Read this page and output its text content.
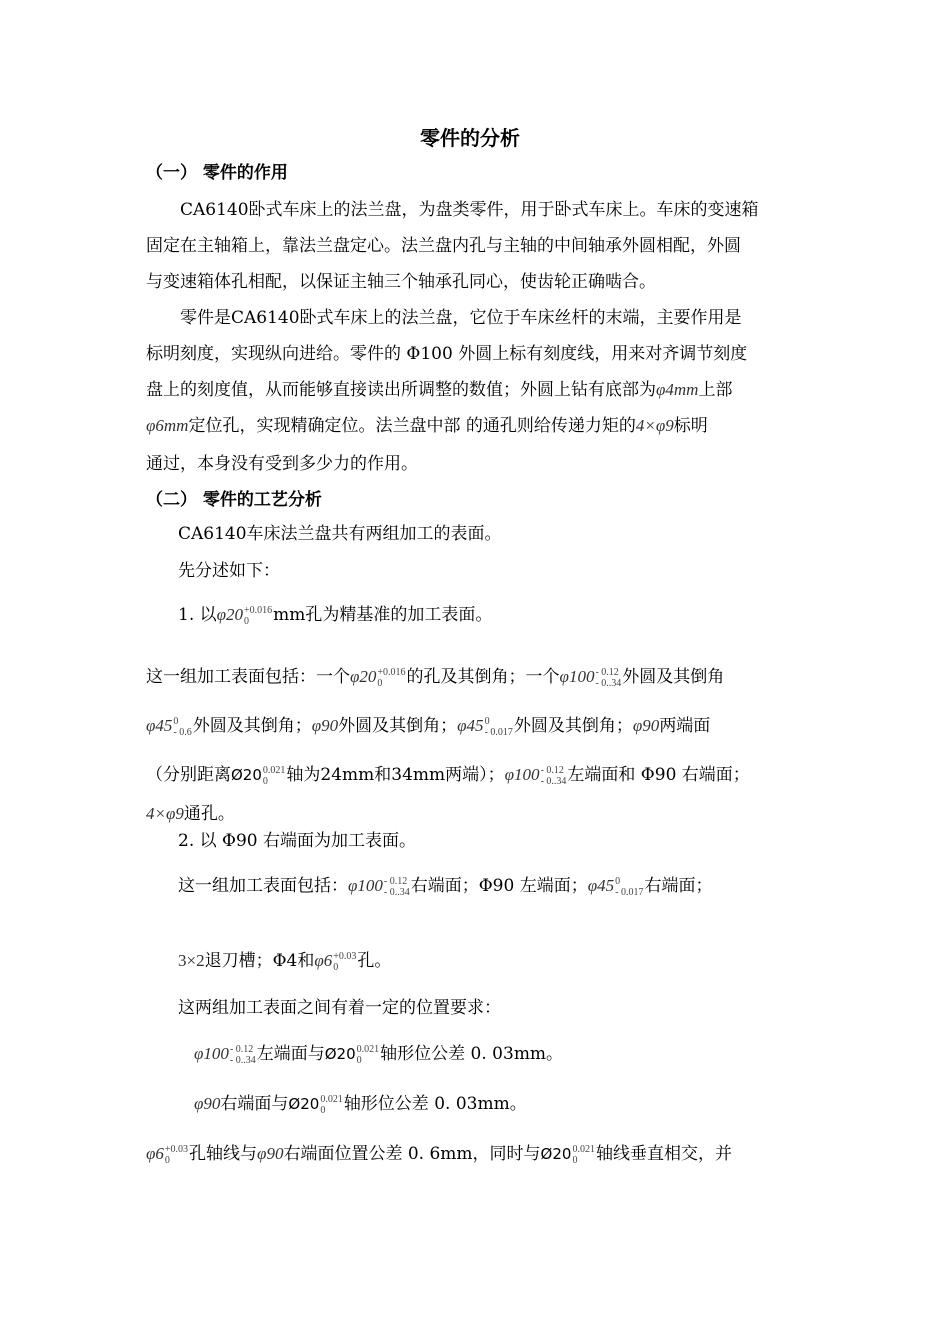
零件的分析
（一） 零件的作用
CA6140卧式车床上的法兰盘，为盘类零件，用于卧式车床上。车床的变速箱
固定在主轴箱上，靠法兰盘定心。法兰盘内孔与主轴的中间轴承外圆相配，外圆
与变速箱体孔相配，以保证主轴三个轴承孔同心，使齿轮正确啮合。
零件是CA6140卧式车床上的法兰盘，它位于车床丝杆的末端，主要作用是
标明刻度，实现纵向进给。零件的 Φ100 外圆上标有刻度线，用来对齐调节刻度
盘上的刻度值，从而能够直接读出所调整的数值；外圆上钻有底部为φ4mm上部
φ6mm定位孔，实现精确定位。法兰盘中部 的通孔则给传递力矩的4×φ9标明
通过，本身没有受到多少力的作用。
（二） 零件的工艺分析
CA6140车床法兰盘共有两组加工的表面。
先分述如下：
1. 以φ20 +0.016
0	mm孔为精基准的加工表面。
这一组加工表面包括：一个φ20 +0.016
0	的孔及其倒角；一个φ100 - 0.12
- 0..34 外圆及其倒角
φ45 0
- 0.6 外圆及其倒角；φ90外圆及其倒角；φ45 0
- 0.017 外圆及其倒角；φ90两端面
（分别距离Ø20 0.021
0	轴为24mm和34mm两端）；φ100 - 0.12
- 0..34 左端面和 Φ90 右端面；
4×φ9通孔。
2. 以 Φ90 右端面为加工表面。
这一组加工表面包括：φ100 - 0.12
- 0..34 右端面；Φ90 左端面；φ45 0
- 0.017 右端面；
3×2退刀槽；Φ4和φ6 +0.03
0	孔。
这两组加工表面之间有着一定的位置要求：
φ100 - 0.12
- 0..34 左端面与Ø20 0.021
0	轴形位公差 0. 03mm。
φ90右端面与Ø20 0.021
0	轴形位公差 0. 03mm。
φ6 +0.03
0	孔轴线与φ90右端面位置公差 0. 6mm，同时与Ø20 0.021
0	轴线垂直相交，并
